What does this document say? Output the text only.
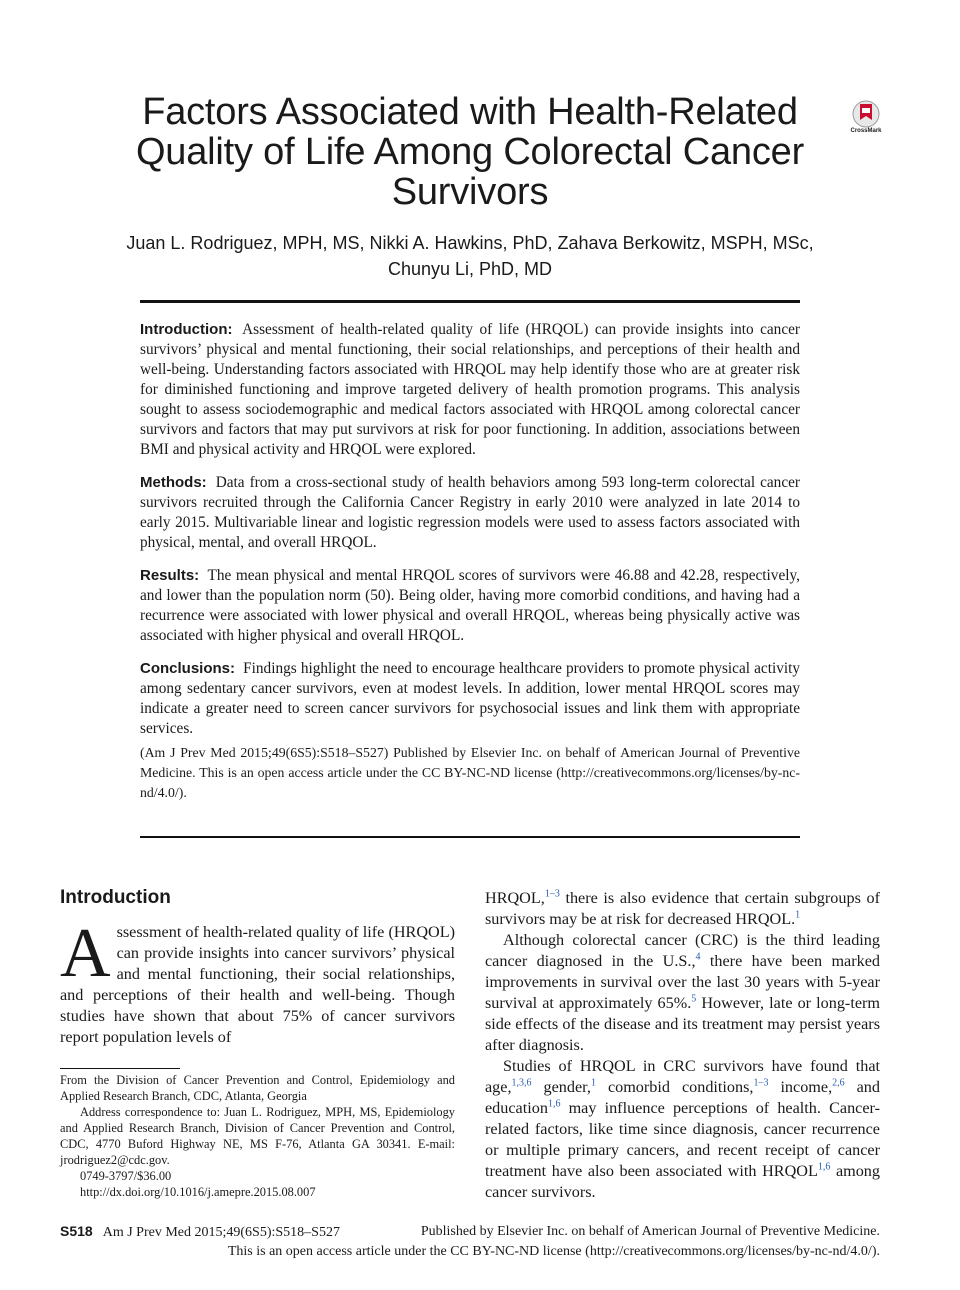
Factors Associated with Health-Related Quality of Life Among Colorectal Cancer Survivors
CrossMark
Juan L. Rodriguez, MPH, MS, Nikki A. Hawkins, PhD, Zahava Berkowitz, MSPH, MSc,
Chunyu Li, PhD, MD

Introduction: Assessment of health-related quality of life (HRQOL) can provide insights into cancer survivors’ physical and mental functioning, their social relationships, and perceptions of their health and well-being. Understanding factors associated with HRQOL may help identify those who are at greater risk for diminished functioning and improve targeted delivery of health promotion programs. This analysis sought to assess sociodemographic and medical factors associated with HRQOL among colorectal cancer survivors and factors that may put survivors at risk for poor functioning. In addition, associations between BMI and physical activity and HRQOL were explored.

Methods: Data from a cross-sectional study of health behaviors among 593 long-term colorectal cancer survivors recruited through the California Cancer Registry in early 2010 were analyzed in late 2014 to early 2015. Multivariable linear and logistic regression models were used to assess factors associated with physical, mental, and overall HRQOL.

Results: The mean physical and mental HRQOL scores of survivors were 46.88 and 42.28, respectively, and lower than the population norm (50). Being older, having more comorbid conditions, and having had a recurrence were associated with lower physical and overall HRQOL, whereas being physically active was associated with higher physical and overall HRQOL.

Conclusions: Findings highlight the need to encourage healthcare providers to promote physical activity among sedentary cancer survivors, even at modest levels. In addition, lower mental HRQOL scores may indicate a greater need to screen cancer survivors for psychosocial issues and link them with appropriate services.

(Am J Prev Med 2015;49(6S5):S518–S527) Published by Elsevier Inc. on behalf of American Journal of Preventive Medicine. This is an open access article under the CC BY-NC-ND license (http://creativecommons.org/licenses/by-nc-nd/4.0/).

Introduction

Assessment of health-related quality of life (HRQOL) can provide insights into cancer survivors’ physical and mental functioning, their social relationships, and perceptions of their health and well-being. Though studies have shown that about 75% of cancer survivors report population levels of

HRQOL,$^{1-3}$ there is also evidence that certain subgroups of survivors may be at risk for decreased HRQOL.$^1$

Although colorectal cancer (CRC) is the third leading cancer diagnosed in the U.S.,$^4$ there have been marked improvements in survival over the last 30 years with 5-year survival at approximately 65%.$^5$ However, late or long-term side effects of the disease and its treatment may persist years after diagnosis.

Studies of HRQOL in CRC survivors have found that age,$^{1,3,6}$ gender,$^1$ comorbid conditions,$^{1-3}$ income,$^{2,6}$ and education$^{1,6}$ may influence perceptions of health. Cancer-related factors, like time since diagnosis, cancer recurrence or multiple primary cancers, and recent receipt of cancer treatment have also been associated with HRQOL$^{1,6}$ among cancer survivors.

From the Division of Cancer Prevention and Control, Epidemiology and Applied Research Branch, CDC, Atlanta, Georgia

Address correspondence to: Juan L. Rodriguez, MPH, MS, Epidemiology and Applied Research Branch, Division of Cancer Prevention and Control, CDC, 4770 Buford Highway NE, MS F-76, Atlanta GA 30341. E-mail: jrodriguez2@cdc.gov.

0749-3797/$36.00

http://dx.doi.org/10.1016/j.amepre.2015.08.007

S518 Am J Prev Med 2015;49(6S5):S518–S527	Published by Elsevier Inc. on behalf of American Journal of Preventive Medicine.
This is an open access article under the CC BY-NC-ND license (http://creativecommons.org/licenses/by-nc-nd/4.0/).
